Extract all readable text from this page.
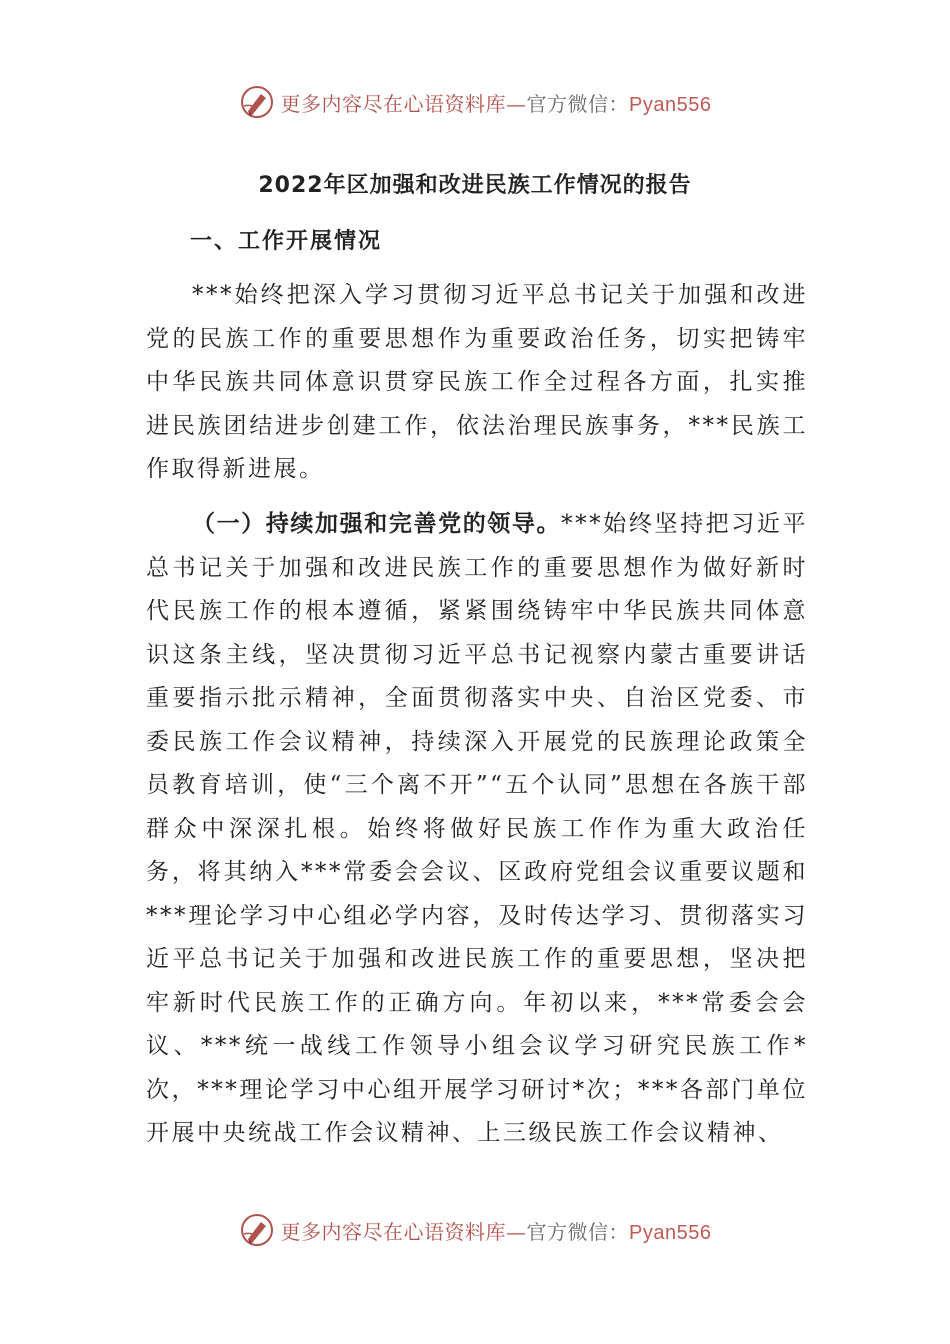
更多内容尽在心语资料库—官方微信：Pyan556
2022年区加强和改进民族工作情况的报告
一、工作开展情况

***始终把深入学习贯彻习近平总书记关于加强和改进党的民族工作的重要思想作为重要政治任务，切实把铸牢中华民族共同体意识贯穿民族工作全过程各方面，扎实推进民族团结进步创建工作，依法治理民族事务，***民族工作取得新进展。

（一）持续加强和完善党的领导。***始终坚持把习近平总书记关于加强和改进民族工作的重要思想作为做好新时代民族工作的根本遵循，紧紧围绕铸牢中华民族共同体意识这条主线，坚决贯彻习近平总书记视察内蒙古重要讲话重要指示批示精神，全面贯彻落实中央、自治区党委、市委民族工作会议精神，持续深入开展党的民族理论政策全员教育培训，使“三个离不开”“五个认同”思想在各族干部群众中深深扎根。始终将做好民族工作作为重大政治任务，将其纳入***常委会会议、区政府党组会议重要议题和***理论学习中心组必学内容，及时传达学习、贯彻落实习近平总书记关于加强和改进民族工作的重要思想，坚决把牢新时代民族工作的正确方向。年初以来，***常委会会议、***统一战线工作领导小组会议学习研究民族工作*次，***理论学习中心组开展学习研讨*次；***各部门单位开展中央统战工作会议精神、上三级民族工作会议精神、

更多内容尽在心语资料库—官方微信：Pyan556
